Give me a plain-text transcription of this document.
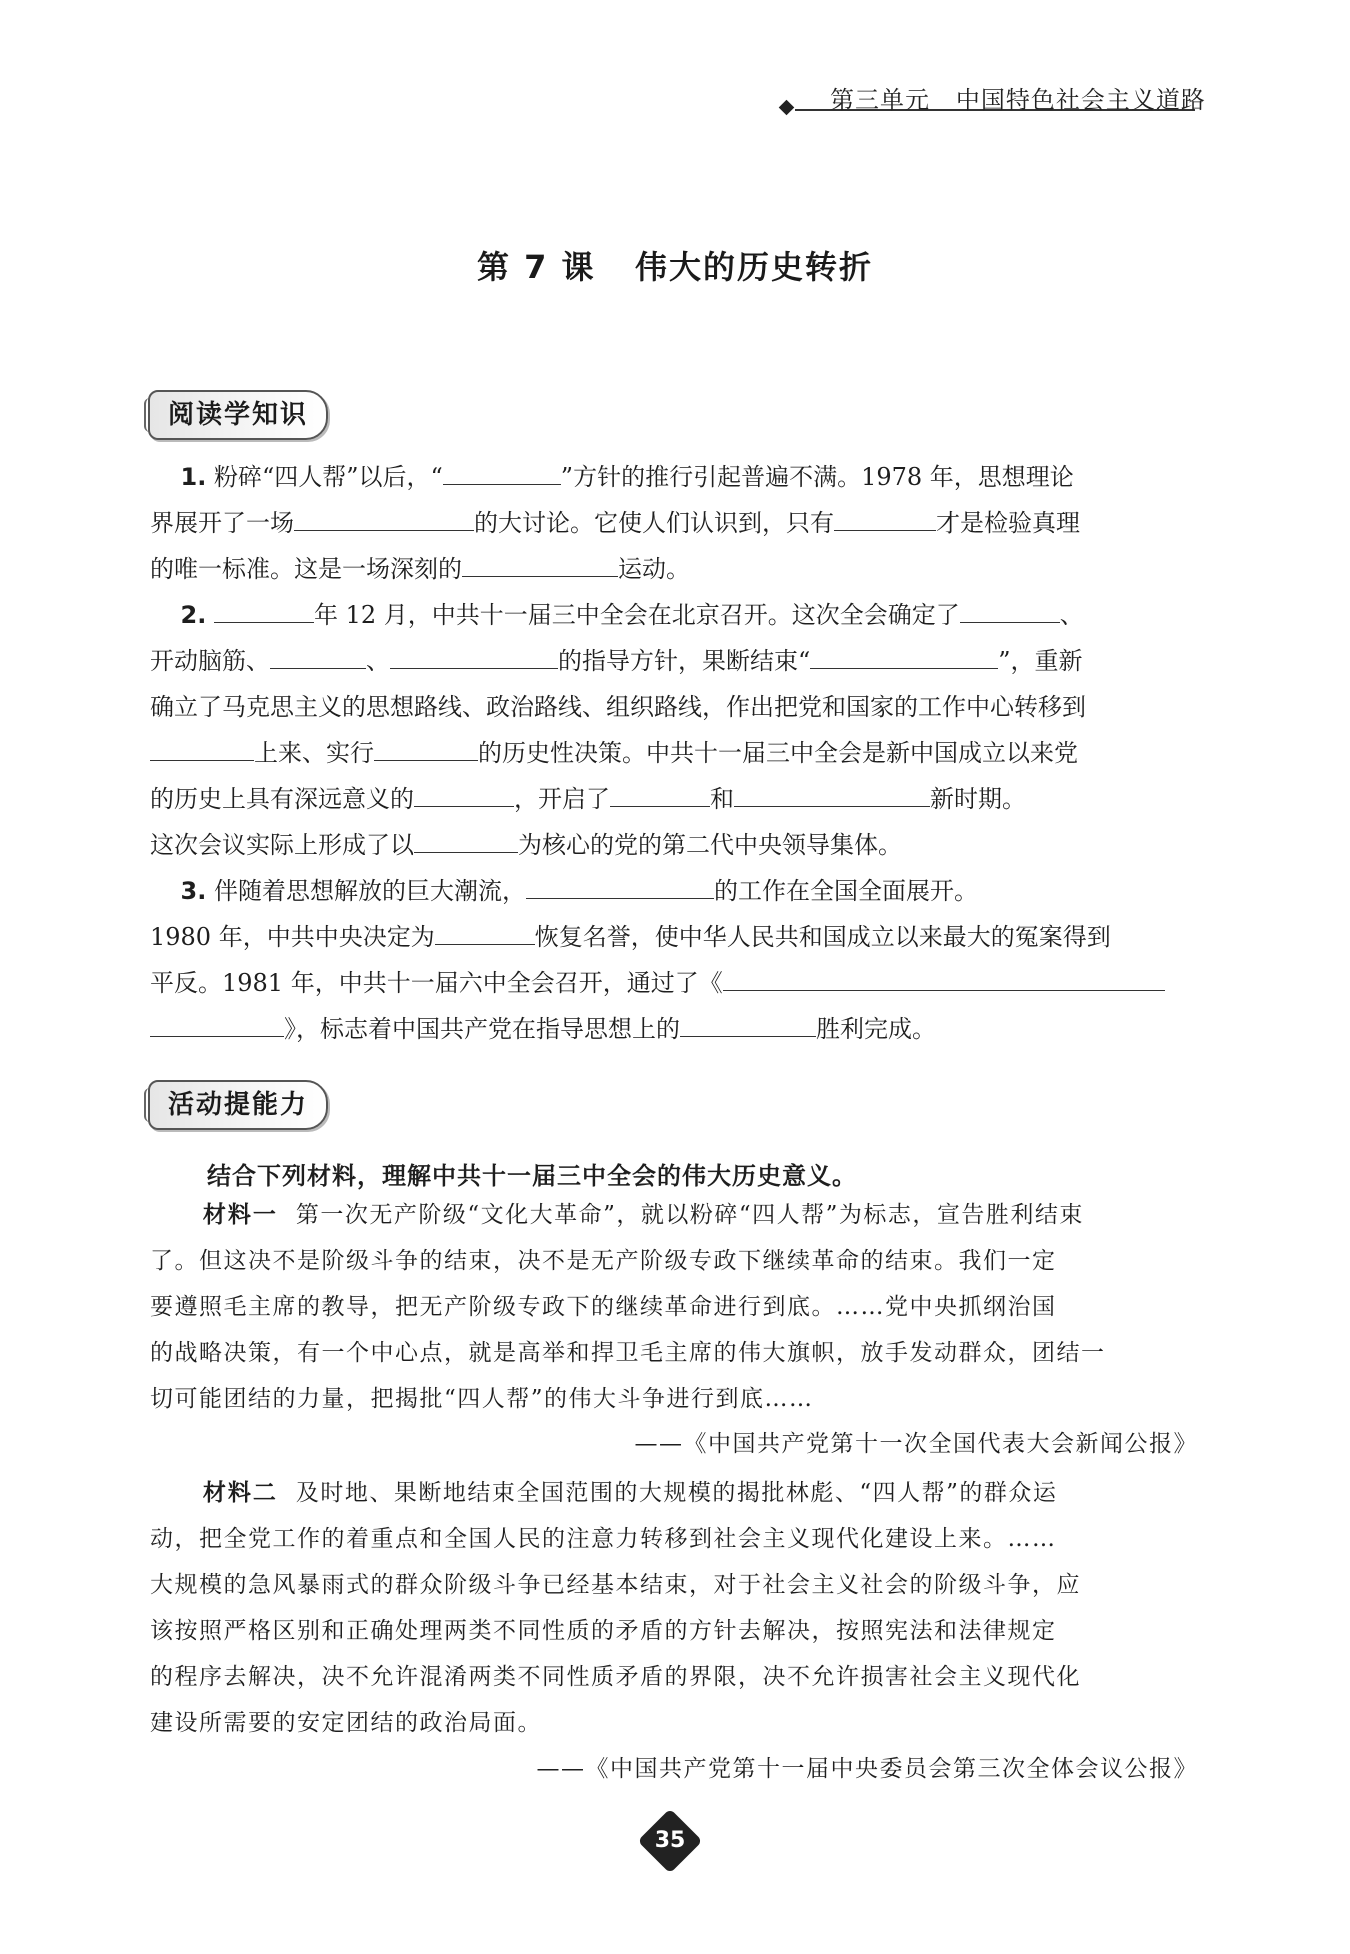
第三单元 中国特色社会主义道路
第 7 课 伟大的历史转折
阅读学知识
1. 粉碎“四人帮”以后，“	”方针的推行引起普遍不满。1978 年，思想理论
界展开了一场	的大讨论。它使人们认识到，只有	才是检验真理
的唯一标准。这是一场深刻的	运动。
2.	年 12 月，中共十一届三中全会在北京召开。这次全会确定了	、
开动脑筋、	、	的指导方针，果断结束“	”，重新
确立了马克思主义的思想路线、政治路线、组织路线，作出把党和国家的工作中心转移到
上来、实行	的历史性决策。中共十一届三中全会是新中国成立以来党
的历史上具有深远意义的	，开启了	和	新时期。
这次会议实际上形成了以	为核心的党的第二代中央领导集体。
3. 伴随着思想解放的巨大潮流，	的工作在全国全面展开。
1980 年，中共中央决定为	恢复名誉，使中华人民共和国成立以来最大的冤案得到
平反。1981 年，中共十一届六中全会召开，通过了《
》，标志着中国共产党在指导思想上的	胜利完成。
活动提能力
结合下列材料，理解中共十一届三中全会的伟大历史意义。
材料一 第一次无产阶级“文化大革命”，就以粉碎“四人帮”为标志，宣告胜利结束
了。但这决不是阶级斗争的结束，决不是无产阶级专政下继续革命的结束。我们一定
要遵照毛主席的教导，把无产阶级专政下的继续革命进行到底。……党中央抓纲治国
的战略决策，有一个中心点，就是高举和捍卫毛主席的伟大旗帜，放手发动群众，团结一
切可能团结的力量，把揭批“四人帮”的伟大斗争进行到底……
——《中国共产党第十一次全国代表大会新闻公报》
材料二 及时地、果断地结束全国范围的大规模的揭批林彪、“四人帮”的群众运
动，把全党工作的着重点和全国人民的注意力转移到社会主义现代化建设上来。……
大规模的急风暴雨式的群众阶级斗争已经基本结束，对于社会主义社会的阶级斗争，应
该按照严格区别和正确处理两类不同性质的矛盾的方针去解决，按照宪法和法律规定
的程序去解决，决不允许混淆两类不同性质矛盾的界限，决不允许损害社会主义现代化
建设所需要的安定团结的政治局面。
——《中国共产党第十一届中央委员会第三次全体会议公报》
35
